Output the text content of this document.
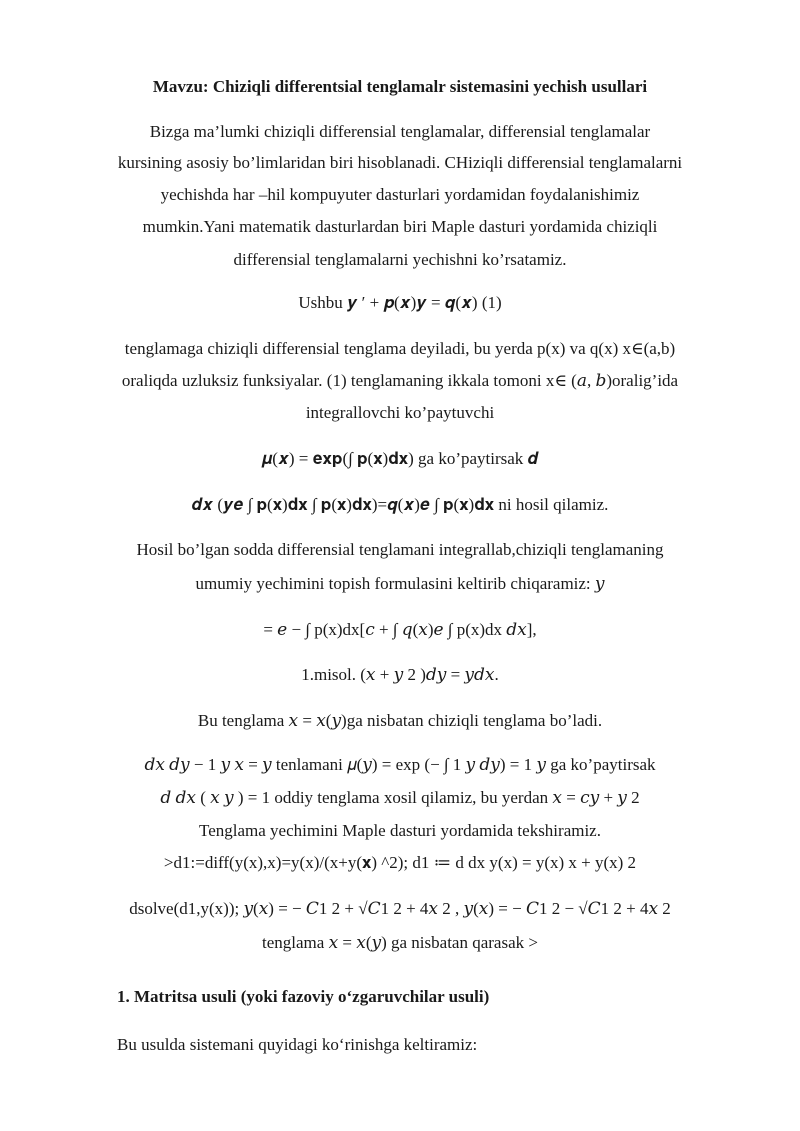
Mavzu: Chiziqli differentsial tenglamalr sistemasini yechish usullari
Bizga ma’lumki chiziqli differensial tenglamalar, differensial tenglamalar
kursining asosiy bo’limlaridan biri hisoblanadi. CHiziqli differensial tenglamalarni
yechishda har –hil kompuyuter dasturlari yordamidan foydalanishimiz
mumkin.Yani matematik dasturlardan biri Maple dasturi yordamida chiziqli
differensial tenglamalarni yechishni ko’rsatamiz.
Ushbu 𝒚 ′ + 𝒑(𝒙)𝒚 = 𝒒(𝒙) (1)
tenglamaga chiziqli differensial tenglama deyiladi, bu yerda p(x) va q(x) x∈(a,b)
oraliqda uzluksiz funksiyalar. (1) tenglamaning ikkala tomoni x∈ (𝑎, 𝑏)oralig’ida
integrallovchi ko’paytuvchi
𝝁(𝒙) = 𝐞𝐱𝐩(∫ 𝐩(𝐱)𝐝𝐱) ga ko’paytirsak 𝒅
𝒅𝒙 (𝒚𝒆 ∫ 𝐩(𝐱)𝐝𝐱 ∫ 𝐩(𝐱)𝐝𝐱)=𝒒(𝒙)𝒆 ∫ 𝐩(𝐱)𝐝𝐱 ni hosil qilamiz.
Hosil bo’lgan sodda differensial tenglamani integrallab,chiziqli tenglamaning
umumiy yechimini topish formulasini keltirib chiqaramiz: 𝑦
= 𝑒 − ∫ p(x)dx[𝑐 + ∫ 𝑞(𝑥)𝑒 ∫ p(x)dx 𝑑𝑥],
1.misol. (𝑥 + 𝑦 2 )𝑑𝑦 = 𝑦𝑑𝑥.
Bu tenglama 𝑥 = 𝑥(𝑦)ga nisbatan chiziqli tenglama bo’ladi.
𝑑𝑥 𝑑𝑦 − 1 𝑦 𝑥 = 𝑦 tenlamani 𝜇(𝑦) = exp (− ∫ 1 𝑦 𝑑𝑦) = 1 𝑦 ga ko’paytirsak
𝑑 𝑑𝑥 ( 𝑥 𝑦 ) = 1 oddiy tenglama xosil qilamiz, bu yerdan 𝑥 = 𝑐𝑦 + 𝑦 2
Tenglama yechimini Maple dasturi yordamida tekshiramiz.
>d1:=diff(y(x),x)=y(x)/(x+y(𝐱) ^2); d1 ≔ d dx y(x) = y(x) x + y(x) 2
dsolve(d1,y(x)); 𝑦(𝑥) = − 𝐶1 2 + √𝐶1 2 + 4𝑥 2 , 𝑦(𝑥) = − 𝐶1 2 − √𝐶1 2 + 4𝑥 2
tenglama 𝑥 = 𝑥(𝑦) ga nisbatan qarasak >
1. Matritsa usuli (yoki fazoviy oʻzgaruvchilar usuli)
Bu usulda sistemani quyidagi koʻrinishga keltiramiz:
